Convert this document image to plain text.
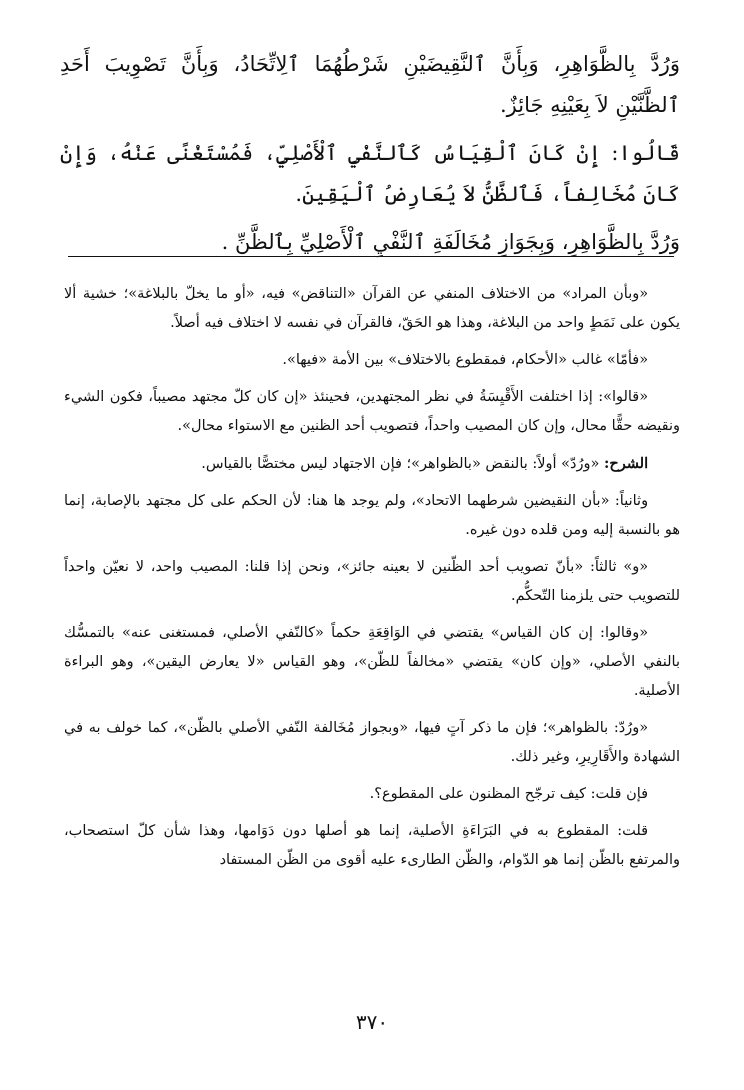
وَرُدَّ بِالظَّوَاهِرِ، وَبِأَنَّ ٱلنَّقِيضَيْنِ شَرْطُهُمَا ٱلِاتِّحَادُ، وَبِأَنَّ تَصْوِيبَ أَحَدِ ٱلظَّنَّيْنِ لاَ بِعَيْنِهِ جَائِزٌ.

قَالُوا: إِنْ كَانَ ٱلْقِيَاسُ كَٱلنَّفْيِ ٱلْأَصْلِيِّ، فَمُسْتَغْنًى عَنْهُ، وَإِنْ كَانَ مُخَالِفاً، فَٱلظَّنُّ لاَ يُعَارِضُ ٱلْيَقِينَ.

وَرُدَّ بِالظَّوَاهِرِ، وَبِجَوَازِ مُخَالَفَةِ ٱلنَّفْيِ ٱلْأَصْلِيِّ بِٱلظَّنِّ .

«وبأن المراد» من الاختلاف المنفي عن القرآن «التناقض» فيه، «أو ما يخلّ بالبلاغة»؛ خشية ألا يكون على نَمَطٍ واحد من البلاغة، وهذا هو الحَقّ، فالقرآن في نفسه لا اختلاف فيه أصلاً.

«فأمّا» غالب «الأحكام، فمقطوع بالاختلاف» بين الأمة «فيها».

«قالوا»: إذا اختلفت الأَقْيِسَةُ في نظر المجتهدين، فحينئذ «إن كان كلّ مجتهد مصيباً، فكون الشيء ونقيضه حقًّا محال، وإن كان المصيب واحداً، فتصويب أحد الظنين مع الاستواء محال».

الشرح: «ورُدّ» أولاً: بالنقض «بالظواهر»؛ فإن الاجتهاد ليس مختصًّا بالقياس.

وثانياً: «بأن النقيضين شرطهما الاتحاد»، ولم يوجد ها هنا: لأن الحكم على كل مجتهد بالإصابة، إنما هو بالنسبة إليه ومن قلده دون غيره.

«و» ثالثاً: «بأنّ تصويب أحد الظّنين لا بعينه جائز»، ونحن إذا قلنا: المصيب واحد، لا نعيّن واحداً للتصويب حتى يلزمنا التّحكُّم.

«وقالوا: إن كان القياس» يقتضي في الوَاقِعَةِ حكماً «كالنّفي الأصلي، فمستغنى عنه» بالتمسُّك بالنفي الأصلي، «وإن كان» يقتضي «مخالفاً للظّن»، وهو القياس «لا يعارض اليقين»، وهو البراءة الأصلية.

«ورُدّ: بالظواهر»؛ فإن ما ذكر آتٍ فيها، «وبجواز مُخَالفة النّفي الأصلي بالظّن»، كما خولف به في الشهادة والأَقَارِيرِ، وغير ذلك.

فإن قلت: كيف ترجّح المظنون على المقطوع؟.

قلت: المقطوع به في البَرَاءَةِ الأصلية، إنما هو أصلها دون دَوَامها، وهذا شأن كلّ استصحاب، والمرتفع بالظّن إنما هو الدّوام، والظّن الطارىء عليه أقوى من الظّن المستفاد

٣٧٠
